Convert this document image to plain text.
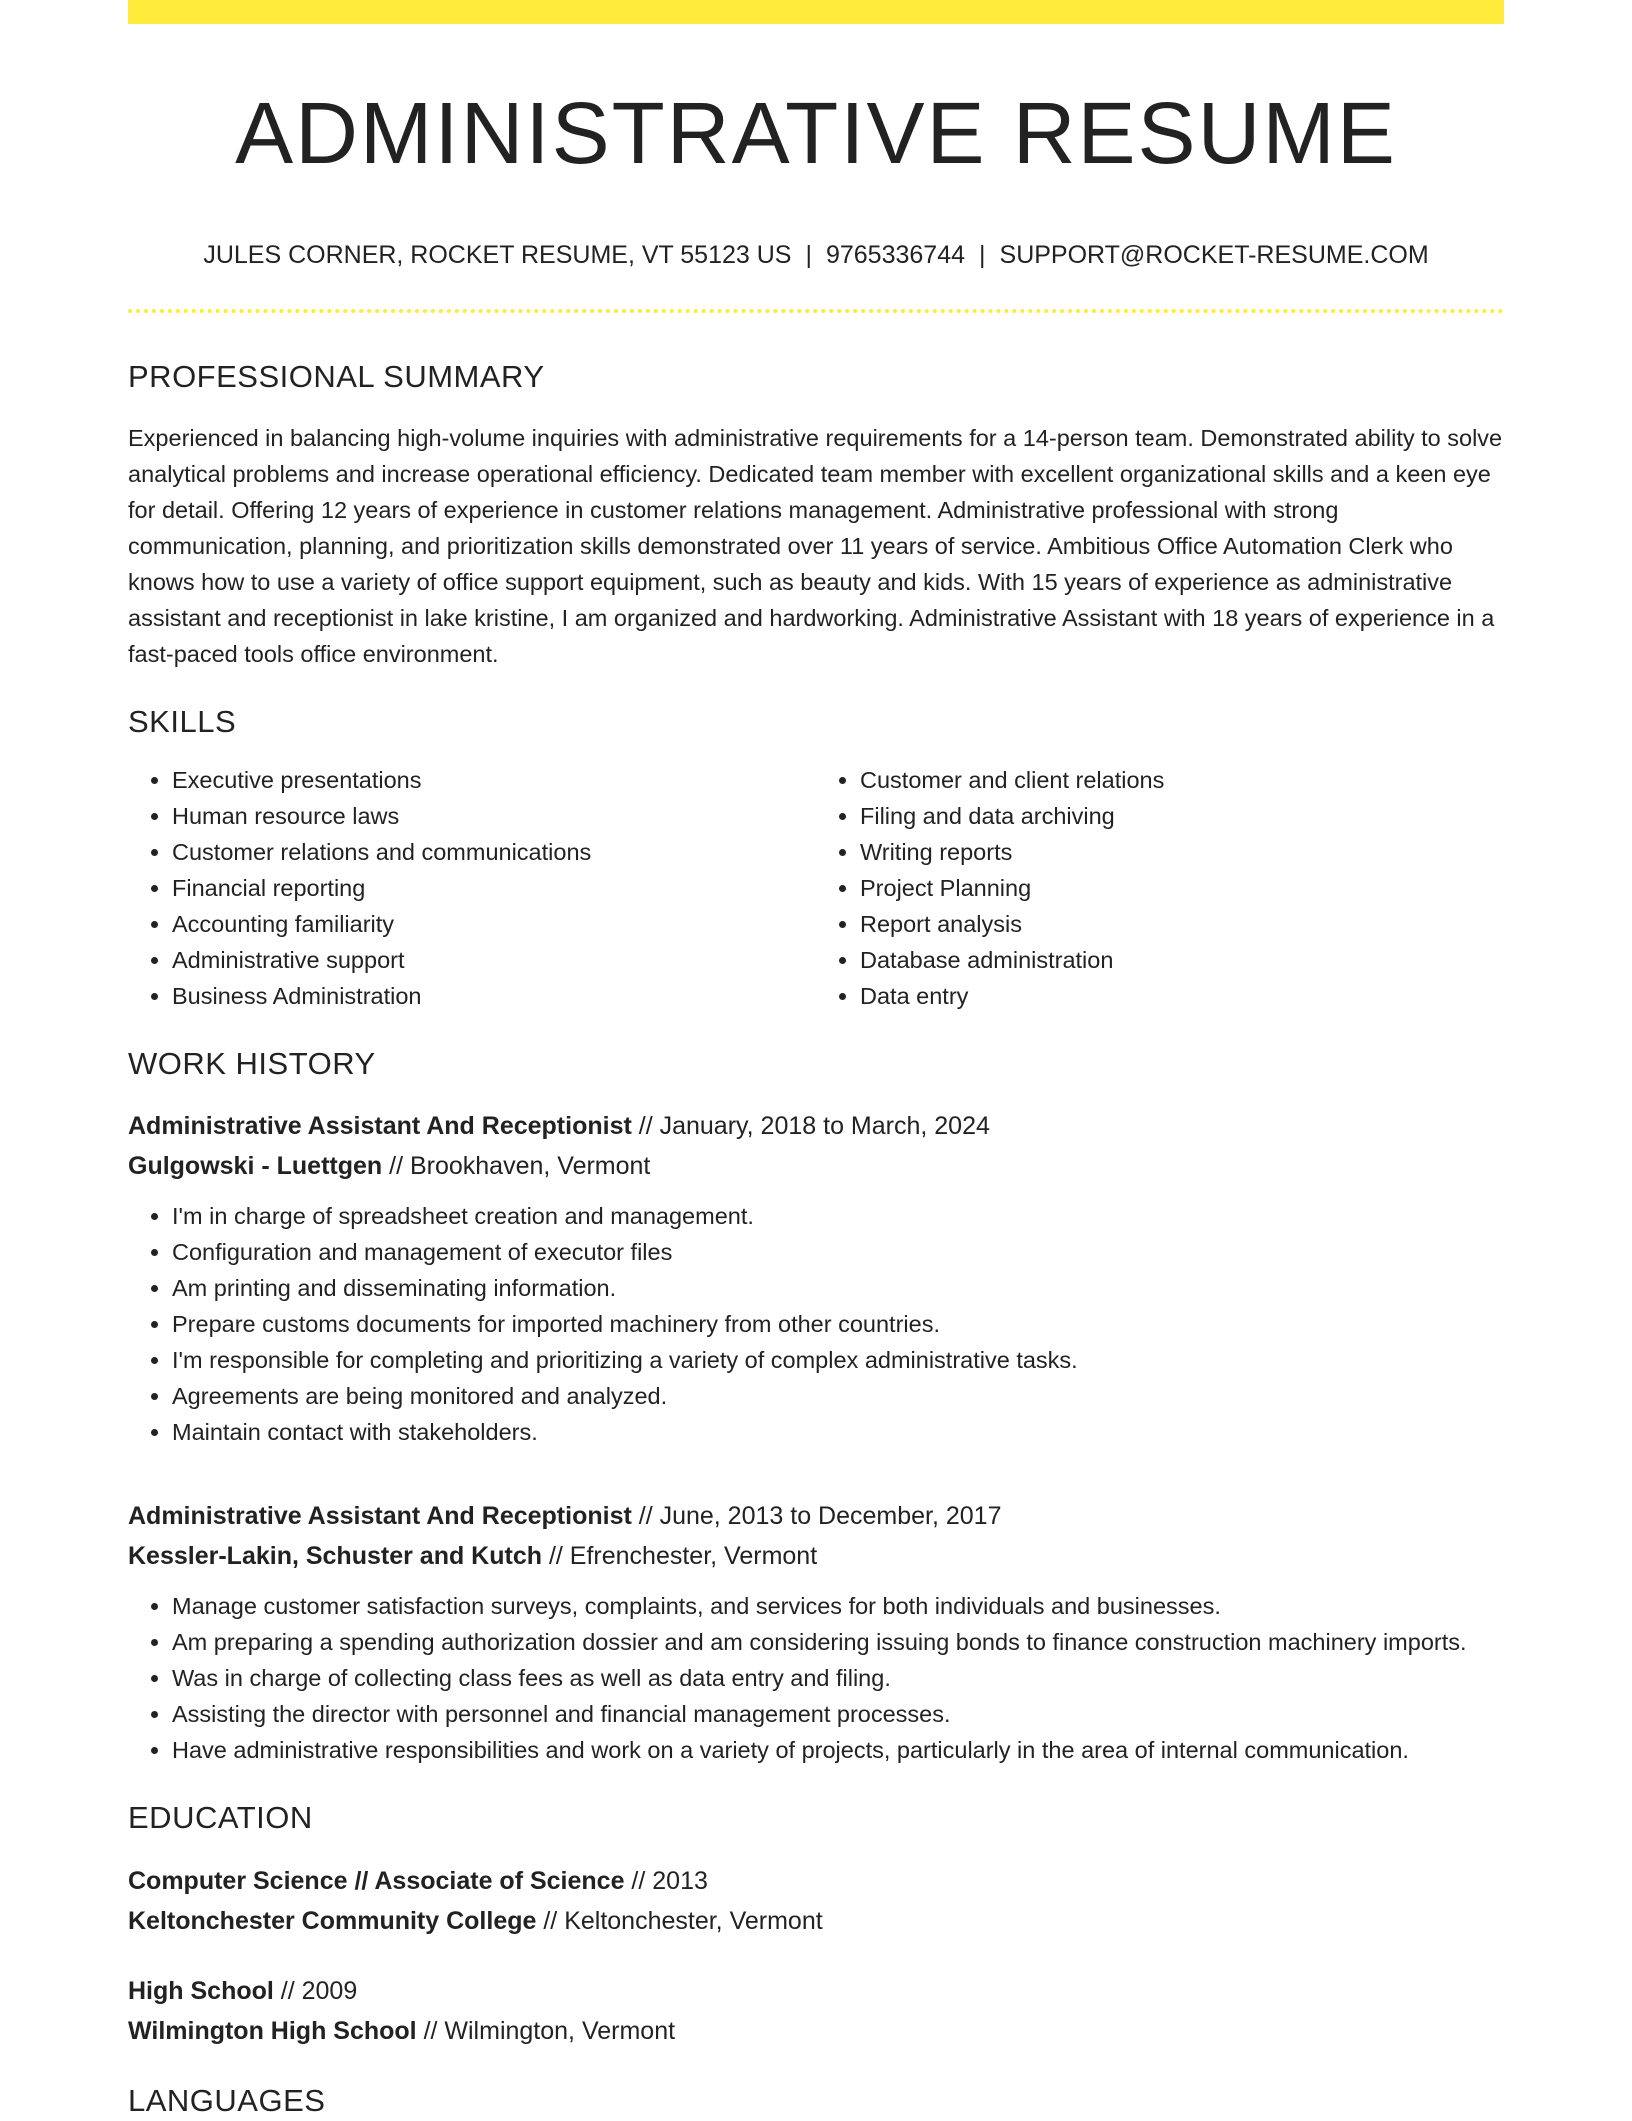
ADMINISTRATIVE RESUME
JULES CORNER, ROCKET RESUME, VT 55123 US | 9765336744 | SUPPORT@ROCKET-RESUME.COM
PROFESSIONAL SUMMARY
Experienced in balancing high-volume inquiries with administrative requirements for a 14-person team. Demonstrated ability to solve analytical problems and increase operational efficiency. Dedicated team member with excellent organizational skills and a keen eye for detail. Offering 12 years of experience in customer relations management. Administrative professional with strong communication, planning, and prioritization skills demonstrated over 11 years of service. Ambitious Office Automation Clerk who knows how to use a variety of office support equipment, such as beauty and kids. With 15 years of experience as administrative assistant and receptionist in lake kristine, I am organized and hardworking. Administrative Assistant with 18 years of experience in a fast-paced tools office environment.
SKILLS
• Executive presentations
• Human resource laws
• Customer relations and communications
• Financial reporting
• Accounting familiarity
• Administrative support
• Business Administration
• Customer and client relations
• Filing and data archiving
• Writing reports
• Project Planning
• Report analysis
• Database administration
• Data entry
WORK HISTORY
Administrative Assistant And Receptionist // January, 2018 to March, 2024
Gulgowski - Luettgen // Brookhaven, Vermont
• I'm in charge of spreadsheet creation and management.
• Configuration and management of executor files
• Am printing and disseminating information.
• Prepare customs documents for imported machinery from other countries.
• I'm responsible for completing and prioritizing a variety of complex administrative tasks.
• Agreements are being monitored and analyzed.
• Maintain contact with stakeholders.
Administrative Assistant And Receptionist // June, 2013 to December, 2017
Kessler-Lakin, Schuster and Kutch // Efrenchester, Vermont
• Manage customer satisfaction surveys, complaints, and services for both individuals and businesses.
• Am preparing a spending authorization dossier and am considering issuing bonds to finance construction machinery imports.
• Was in charge of collecting class fees as well as data entry and filing.
• Assisting the director with personnel and financial management processes.
• Have administrative responsibilities and work on a variety of projects, particularly in the area of internal communication.
EDUCATION
Computer Science // Associate of Science // 2013
Keltonchester Community College // Keltonchester, Vermont
High School // 2009
Wilmington High School // Wilmington, Vermont
LANGUAGES
